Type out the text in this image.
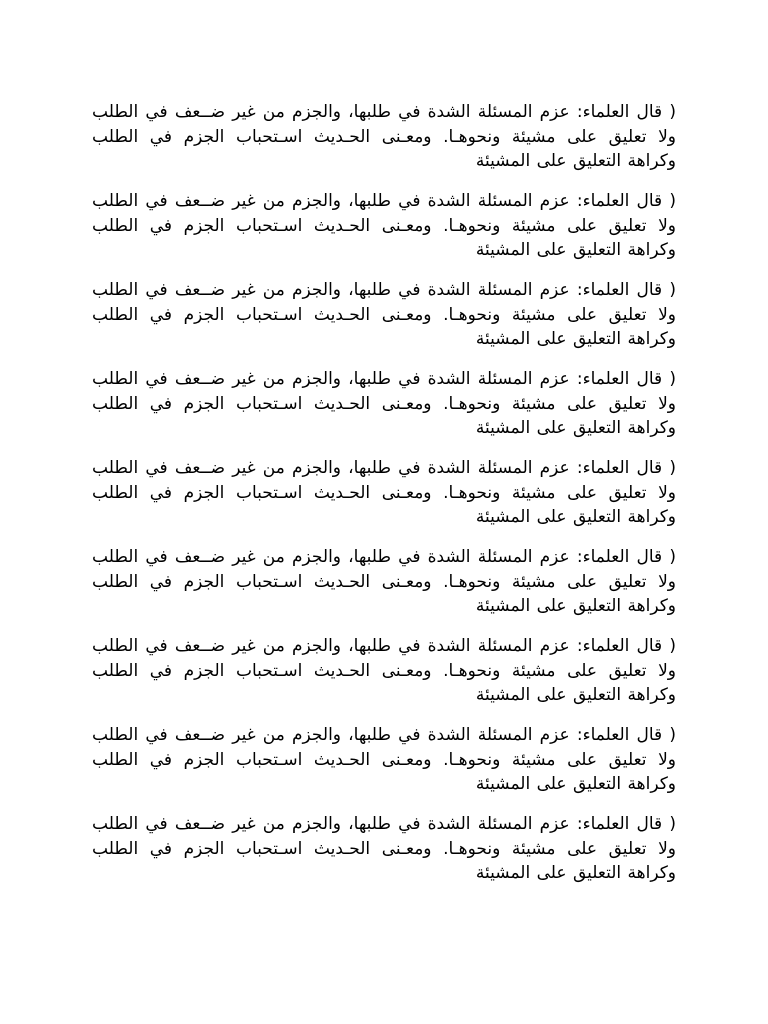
( قال العلماء: عزم المسئلة الشدة في طلبها، والجزم من غير ضــعف في الطلب ولا تعليق على مشيئة ونحوهـا. ومعـنى الحـديث اسـتحباب الجزم في الطلب وكراهة التعليق على المشيئة

( قال العلماء: عزم المسئلة الشدة في طلبها، والجزم من غير ضــعف في الطلب ولا تعليق على مشيئة ونحوهـا. ومعـنى الحـديث اسـتحباب الجزم في الطلب وكراهة التعليق على المشيئة

( قال العلماء: عزم المسئلة الشدة في طلبها، والجزم من غير ضــعف في الطلب ولا تعليق على مشيئة ونحوهـا. ومعـنى الحـديث اسـتحباب الجزم في الطلب وكراهة التعليق على المشيئة

( قال العلماء: عزم المسئلة الشدة في طلبها، والجزم من غير ضــعف في الطلب ولا تعليق على مشيئة ونحوهـا. ومعـنى الحـديث اسـتحباب الجزم في الطلب وكراهة التعليق على المشيئة

( قال العلماء: عزم المسئلة الشدة في طلبها، والجزم من غير ضــعف في الطلب ولا تعليق على مشيئة ونحوهـا. ومعـنى الحـديث اسـتحباب الجزم في الطلب وكراهة التعليق على المشيئة

( قال العلماء: عزم المسئلة الشدة في طلبها، والجزم من غير ضــعف في الطلب ولا تعليق على مشيئة ونحوهـا. ومعـنى الحـديث اسـتحباب الجزم في الطلب وكراهة التعليق على المشيئة

( قال العلماء: عزم المسئلة الشدة في طلبها، والجزم من غير ضــعف في الطلب ولا تعليق على مشيئة ونحوهـا. ومعـنى الحـديث اسـتحباب الجزم في الطلب وكراهة التعليق على المشيئة

( قال العلماء: عزم المسئلة الشدة في طلبها، والجزم من غير ضــعف في الطلب ولا تعليق على مشيئة ونحوهـا. ومعـنى الحـديث اسـتحباب الجزم في الطلب وكراهة التعليق على المشيئة

( قال العلماء: عزم المسئلة الشدة في طلبها، والجزم من غير ضــعف في الطلب ولا تعليق على مشيئة ونحوهـا. ومعـنى الحـديث اسـتحباب الجزم في الطلب وكراهة التعليق على المشيئة
